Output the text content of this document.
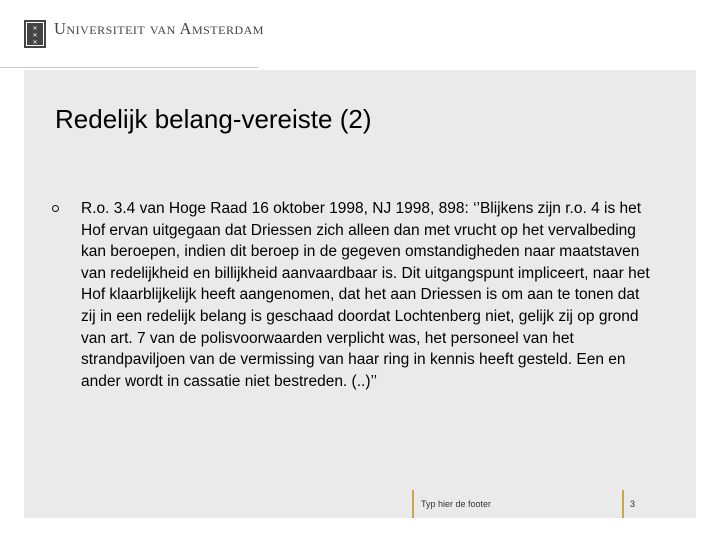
✕
✕
✕
Universiteit van Amsterdam
Redelijk belang-vereiste (2)
R.o. 3.4 van Hoge Raad 16 oktober 1998, NJ 1998, 898: ‘’Blijkens zijn r.o. 4 is het Hof ervan uitgegaan dat Driessen zich alleen dan met vrucht op het vervalbeding kan beroepen, indien dit beroep in de gegeven omstandigheden naar maatstaven van redelijkheid en billijkheid aanvaardbaar is. Dit uitgangspunt impliceert, naar het Hof klaarblijkelijk heeft aangenomen, dat het aan Driessen is om aan te tonen dat zij in een redelijk belang is geschaad doordat Lochtenberg niet, gelijk zij op grond van art. 7 van de polisvoorwaarden verplicht was, het personeel van het strandpaviljoen van de vermissing van haar ring in kennis heeft gesteld. Een en ander wordt in cassatie niet bestreden. (..)’’
Typ hier de footer	3
